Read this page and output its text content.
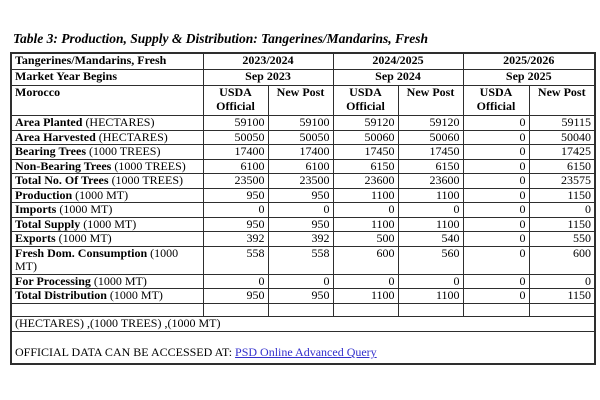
Table 3: Production, Supply & Distribution: Tangerines/Mandarins, Fresh
Tangerines/Mandarins, Fresh	2023/2024		2024/2025		2025/2026	
Market Year Begins	Sep 2023		Sep 2024		Sep 2025	
Morocco	USDA Official	New Post	USDA Official	New Post	USDA Official	New Post
Area Planted (HECTARES)	59100	59100	59120	59120	0	59115
Area Harvested (HECTARES)	50050	50050	50060	50060	0	50040
Bearing Trees (1000 TREES)	17400	17400	17450	17450	0	17425
Non-Bearing Trees (1000 TREES)	6100	6100	6150	6150	0	6150
Total No. Of Trees (1000 TREES)	23500	23500	23600	23600	0	23575
Production (1000 MT)	950	950	1100	1100	0	1150
Imports (1000 MT)	0	0	0	0	0	0
Total Supply (1000 MT)	950	950	1100	1100	0	1150
Exports (1000 MT)	392	392	500	540	0	550
Fresh Dom. Consumption (1000 MT)	558	558	600	560	0	600
For Processing (1000 MT)	0	0	0	0	0	0
Total Distribution (1000 MT)	950	950	1100	1100	0	1150

(HECTARES) ,(1000 TREES) ,(1000 MT)						
OFFICIAL DATA CAN BE ACCESSED AT: PSD Online Advanced Query						
